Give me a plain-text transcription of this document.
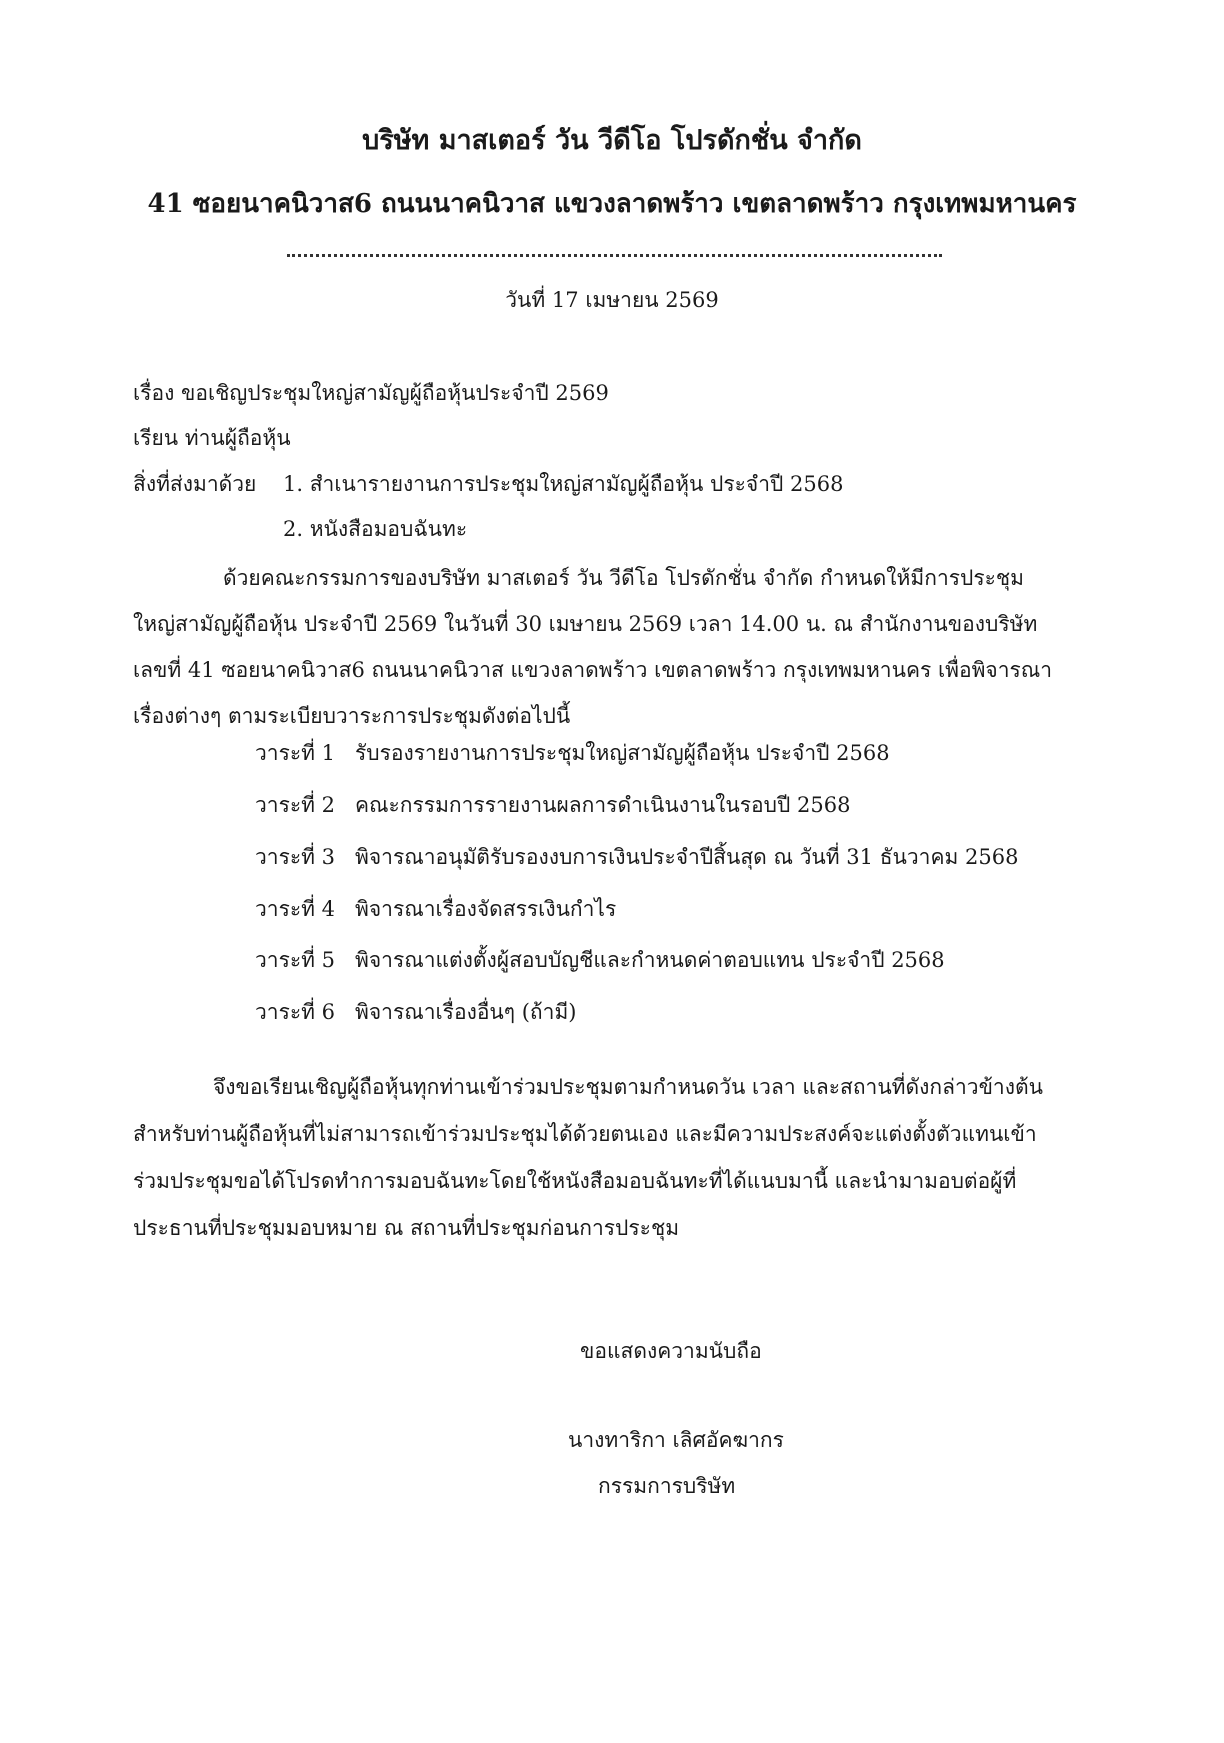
บริษัท มาสเตอร์ วัน วีดีโอ โปรดักชั่น จำกัด
41 ซอยนาคนิวาส6 ถนนนาคนิวาส แขวงลาดพร้าว เขตลาดพร้าว กรุงเทพมหานคร
วันที่ 17 เมษายน 2569
เรื่อง ขอเชิญประชุมใหญ่สามัญผู้ถือหุ้นประจำปี 2569
เรียน ท่านผู้ถือหุ้น
สิ่งที่ส่งมาด้วย 1. สำเนารายงานการประชุมใหญ่สามัญผู้ถือหุ้น ประจำปี 2568
2. หนังสือมอบฉันทะ
ด้วยคณะกรรมการของบริษัท มาสเตอร์ วัน วีดีโอ โปรดักชั่น จำกัด กำหนดให้มีการประชุมใหญ่สามัญผู้ถือหุ้น ประจำปี 2569 ในวันที่ 30 เมษายน 2569 เวลา 14.00 น. ณ สำนักงานของบริษัท เลขที่ 41 ซอยนาคนิวาส6 ถนนนาคนิวาส แขวงลาดพร้าว เขตลาดพร้าว กรุงเทพมหานคร เพื่อพิจารณาเรื่องต่างๆ ตามระเบียบวาระการประชุมดังต่อไปนี้
วาระที่ 1 รับรองรายงานการประชุมใหญ่สามัญผู้ถือหุ้น ประจำปี 2568
วาระที่ 2 คณะกรรมการรายงานผลการดำเนินงานในรอบปี 2568
วาระที่ 3 พิจารณาอนุมัติรับรองงบการเงินประจำปีสิ้นสุด ณ วันที่ 31 ธันวาคม 2568
วาระที่ 4 พิจารณาเรื่องจัดสรรเงินกำไร
วาระที่ 5 พิจารณาแต่งตั้งผู้สอบบัญชีและกำหนดค่าตอบแทน ประจำปี 2568
วาระที่ 6 พิจารณาเรื่องอื่นๆ (ถ้ามี)
จึงขอเรียนเชิญผู้ถือหุ้นทุกท่านเข้าร่วมประชุมตามกำหนดวัน เวลา และสถานที่ดังกล่าวข้างต้น สำหรับท่านผู้ถือหุ้นที่ไม่สามารถเข้าร่วมประชุมได้ด้วยตนเอง และมีความประสงค์จะแต่งตั้งตัวแทนเข้าร่วมประชุมขอได้โปรดทำการมอบฉันทะโดยใช้หนังสือมอบฉันทะที่ได้แนบมานี้ และนำมามอบต่อผู้ที่ประธานที่ประชุมมอบหมาย ณ สถานที่ประชุมก่อนการประชุม
ขอแสดงความนับถือ
นางทาริกา เลิศอัคฆากร
กรรมการบริษัท
